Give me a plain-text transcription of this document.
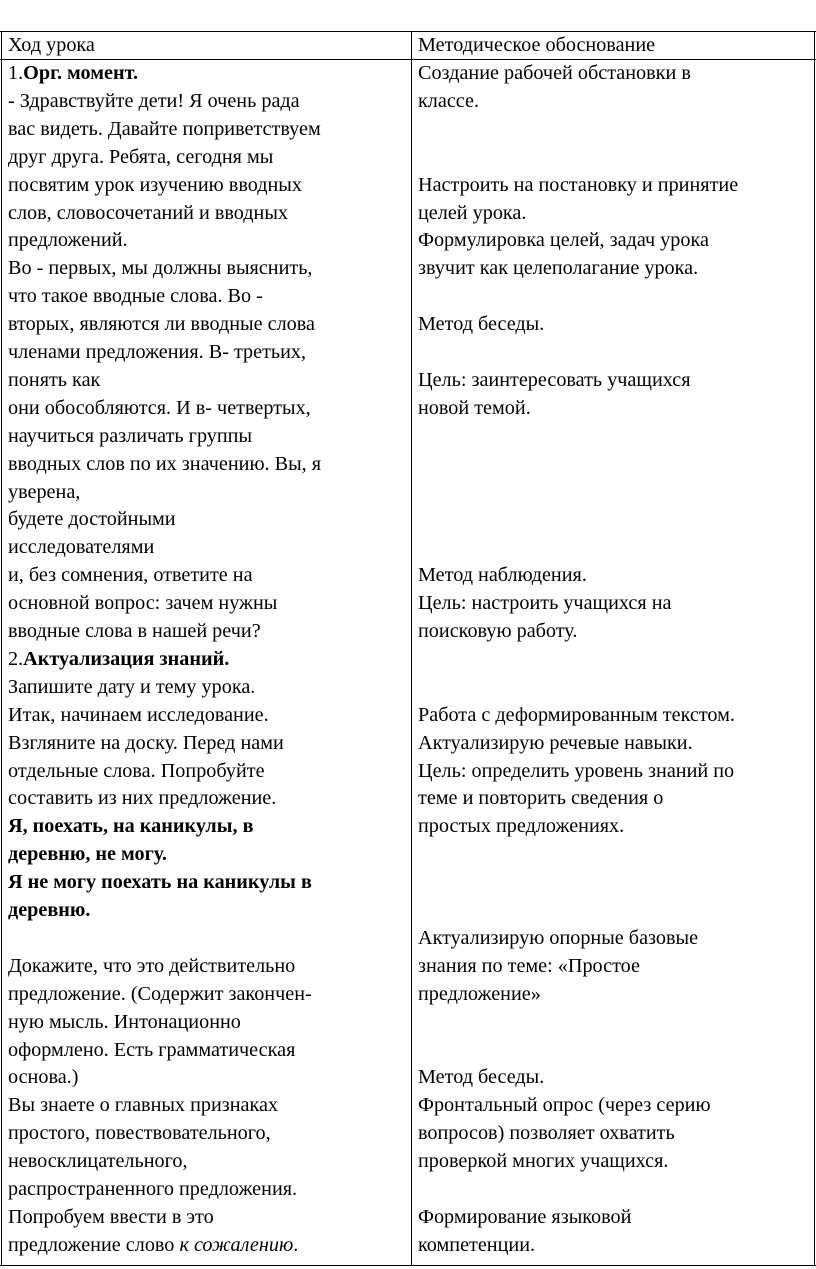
Ход урока	Методическое обоснование
1.Орг. момент.
- Здравствуйте дети! Я очень рада
вас видеть. Давайте поприветствуем
друг друга. Ребята, сегодня мы
посвятим урок изучению вводных
слов, словосочетаний и вводных
предложений.
Во - первых, мы должны выяснить,
что такое вводные слова. Во -
вторых, являются ли вводные слова
членами предложения. В- третьих,
понять как
они обособляются. И в- четвертых,
научиться различать группы
вводных слов по их значению. Вы, я
уверена,
будете достойными
исследователями
и, без сомнения, ответите на
основной вопрос: зачем нужны
вводные слова в нашей речи?
2.Актуализация знаний.
Запишите дату и тему урока.
Итак, начинаем исследование.
Взгляните на доску. Перед нами
отдельные слова. Попробуйте
составить из них предложение.
Я, поехать, на каникулы, в
деревню, не могу.
Я не могу поехать на каникулы в
деревню.
Докажите, что это действительно
предложение. (Содержит закончен-
ную мысль. Интонационно
оформлено. Есть грамматическая
основа.)
Вы знаете о главных признаках
простого, повествовательного,
невосклицательного,
распространенного предложения.
Попробуем ввести в это
предложение слово к сожалению.
Создание рабочей обстановки в
классе.
Настроить на постановку и принятие
целей урока.
Формулировка целей, задач урока
звучит как целеполагание урока.
Метод беседы.
Цель: заинтересовать учащихся
новой темой.
Метод наблюдения.
Цель: настроить учащихся на
поисковую работу.
Работа с деформированным текстом.
Актуализирую речевые навыки.
Цель: определить уровень знаний по
теме и повторить сведения о
простых предложениях.
Актуализирую опорные базовые
знания по теме: «Простое
предложение»
Метод беседы.
Фронтальный опрос (через серию
вопросов) позволяет охватить
проверкой многих учащихся.
Формирование языковой
компетенции.
